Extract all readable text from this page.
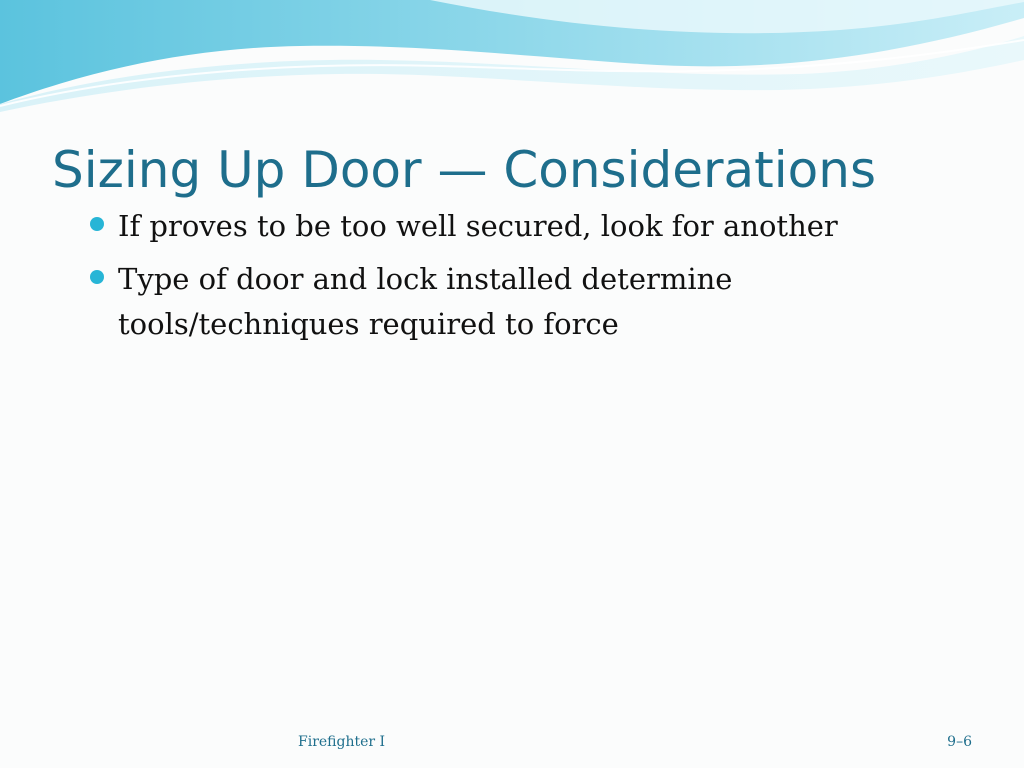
Sizing Up Door — Considerations
If proves to be too well secured, look for another
Type of door and lock installed determine tools/techniques required to force
Firefighter I	9–6
